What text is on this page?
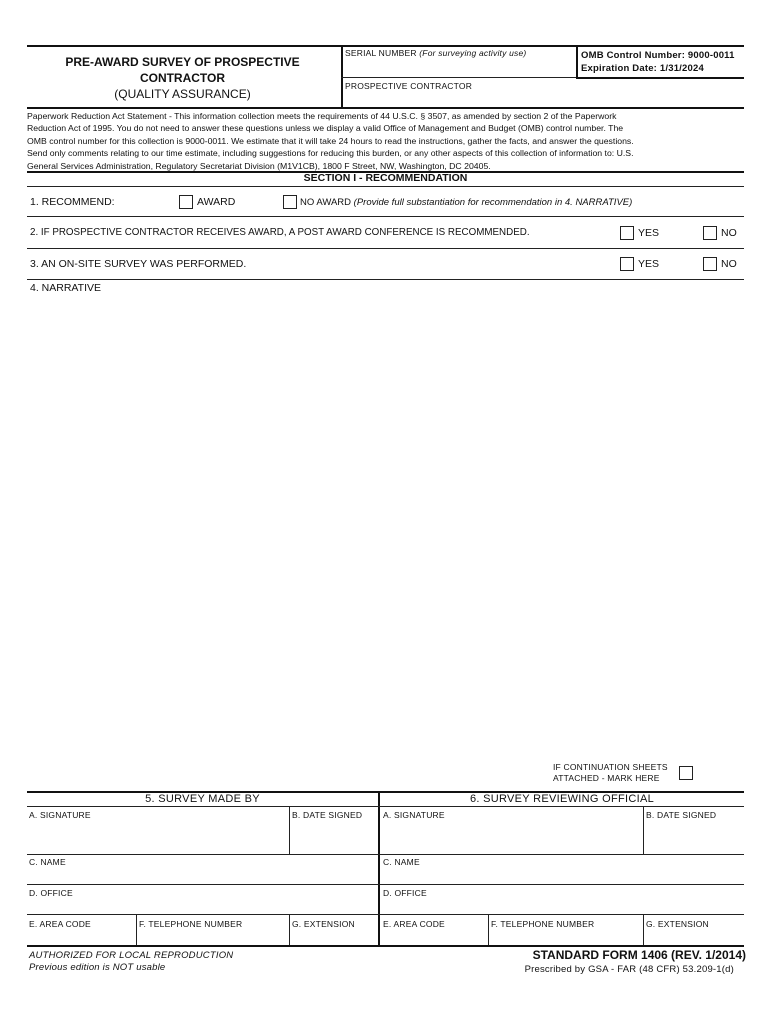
PRE-AWARD SURVEY OF PROSPECTIVE
CONTRACTOR
(QUALITY ASSURANCE)
SERIAL NUMBER (For surveying activity use)	OMB Control Number: 9000-0011
Expiration Date: 1/31/2024
PROSPECTIVE CONTRACTOR
Paperwork Reduction Act Statement - This information collection meets the requirements of 44 U.S.C. § 3507, as amended by section 2 of the Paperwork
Reduction Act of 1995. You do not need to answer these questions unless we display a valid Office of Management and Budget (OMB) control number. The
OMB control number for this collection is 9000-0011. We estimate that it will take 24 hours to read the instructions, gather the facts, and answer the questions.
Send only comments relating to our time estimate, including suggestions for reducing this burden, or any other aspects of this collection of information to: U.S.
General Services Administration, Regulatory Secretariat Division (M1V1CB), 1800 F Street, NW, Washington, DC 20405.
SECTION I - RECOMMENDATION
1. RECOMMEND:	AWARD	NO AWARD (Provide full substantiation for recommendation in 4. NARRATIVE)
2. IF PROSPECTIVE CONTRACTOR RECEIVES AWARD, A POST AWARD CONFERENCE IS RECOMMENDED.	YES	NO
3. AN ON-SITE SURVEY WAS PERFORMED.	YES	NO
4. NARRATIVE
IF CONTINUATION SHEETS
ATTACHED - MARK HERE
5. SURVEY MADE BY	6. SURVEY REVIEWING OFFICIAL
A. SIGNATURE	B. DATE SIGNED A. SIGNATURE	B. DATE SIGNED
C. NAME	C. NAME
D. OFFICE	D. OFFICE
E. AREA CODE	F. TELEPHONE NUMBER	G. EXTENSION	E. AREA CODE	F. TELEPHONE NUMBER	G. EXTENSION
AUTHORIZED FOR LOCAL REPRODUCTION
Previous edition is NOT usable
STANDARD FORM 1406 (REV. 1/2014)
Prescribed by GSA - FAR (48 CFR) 53.209-1(d)
